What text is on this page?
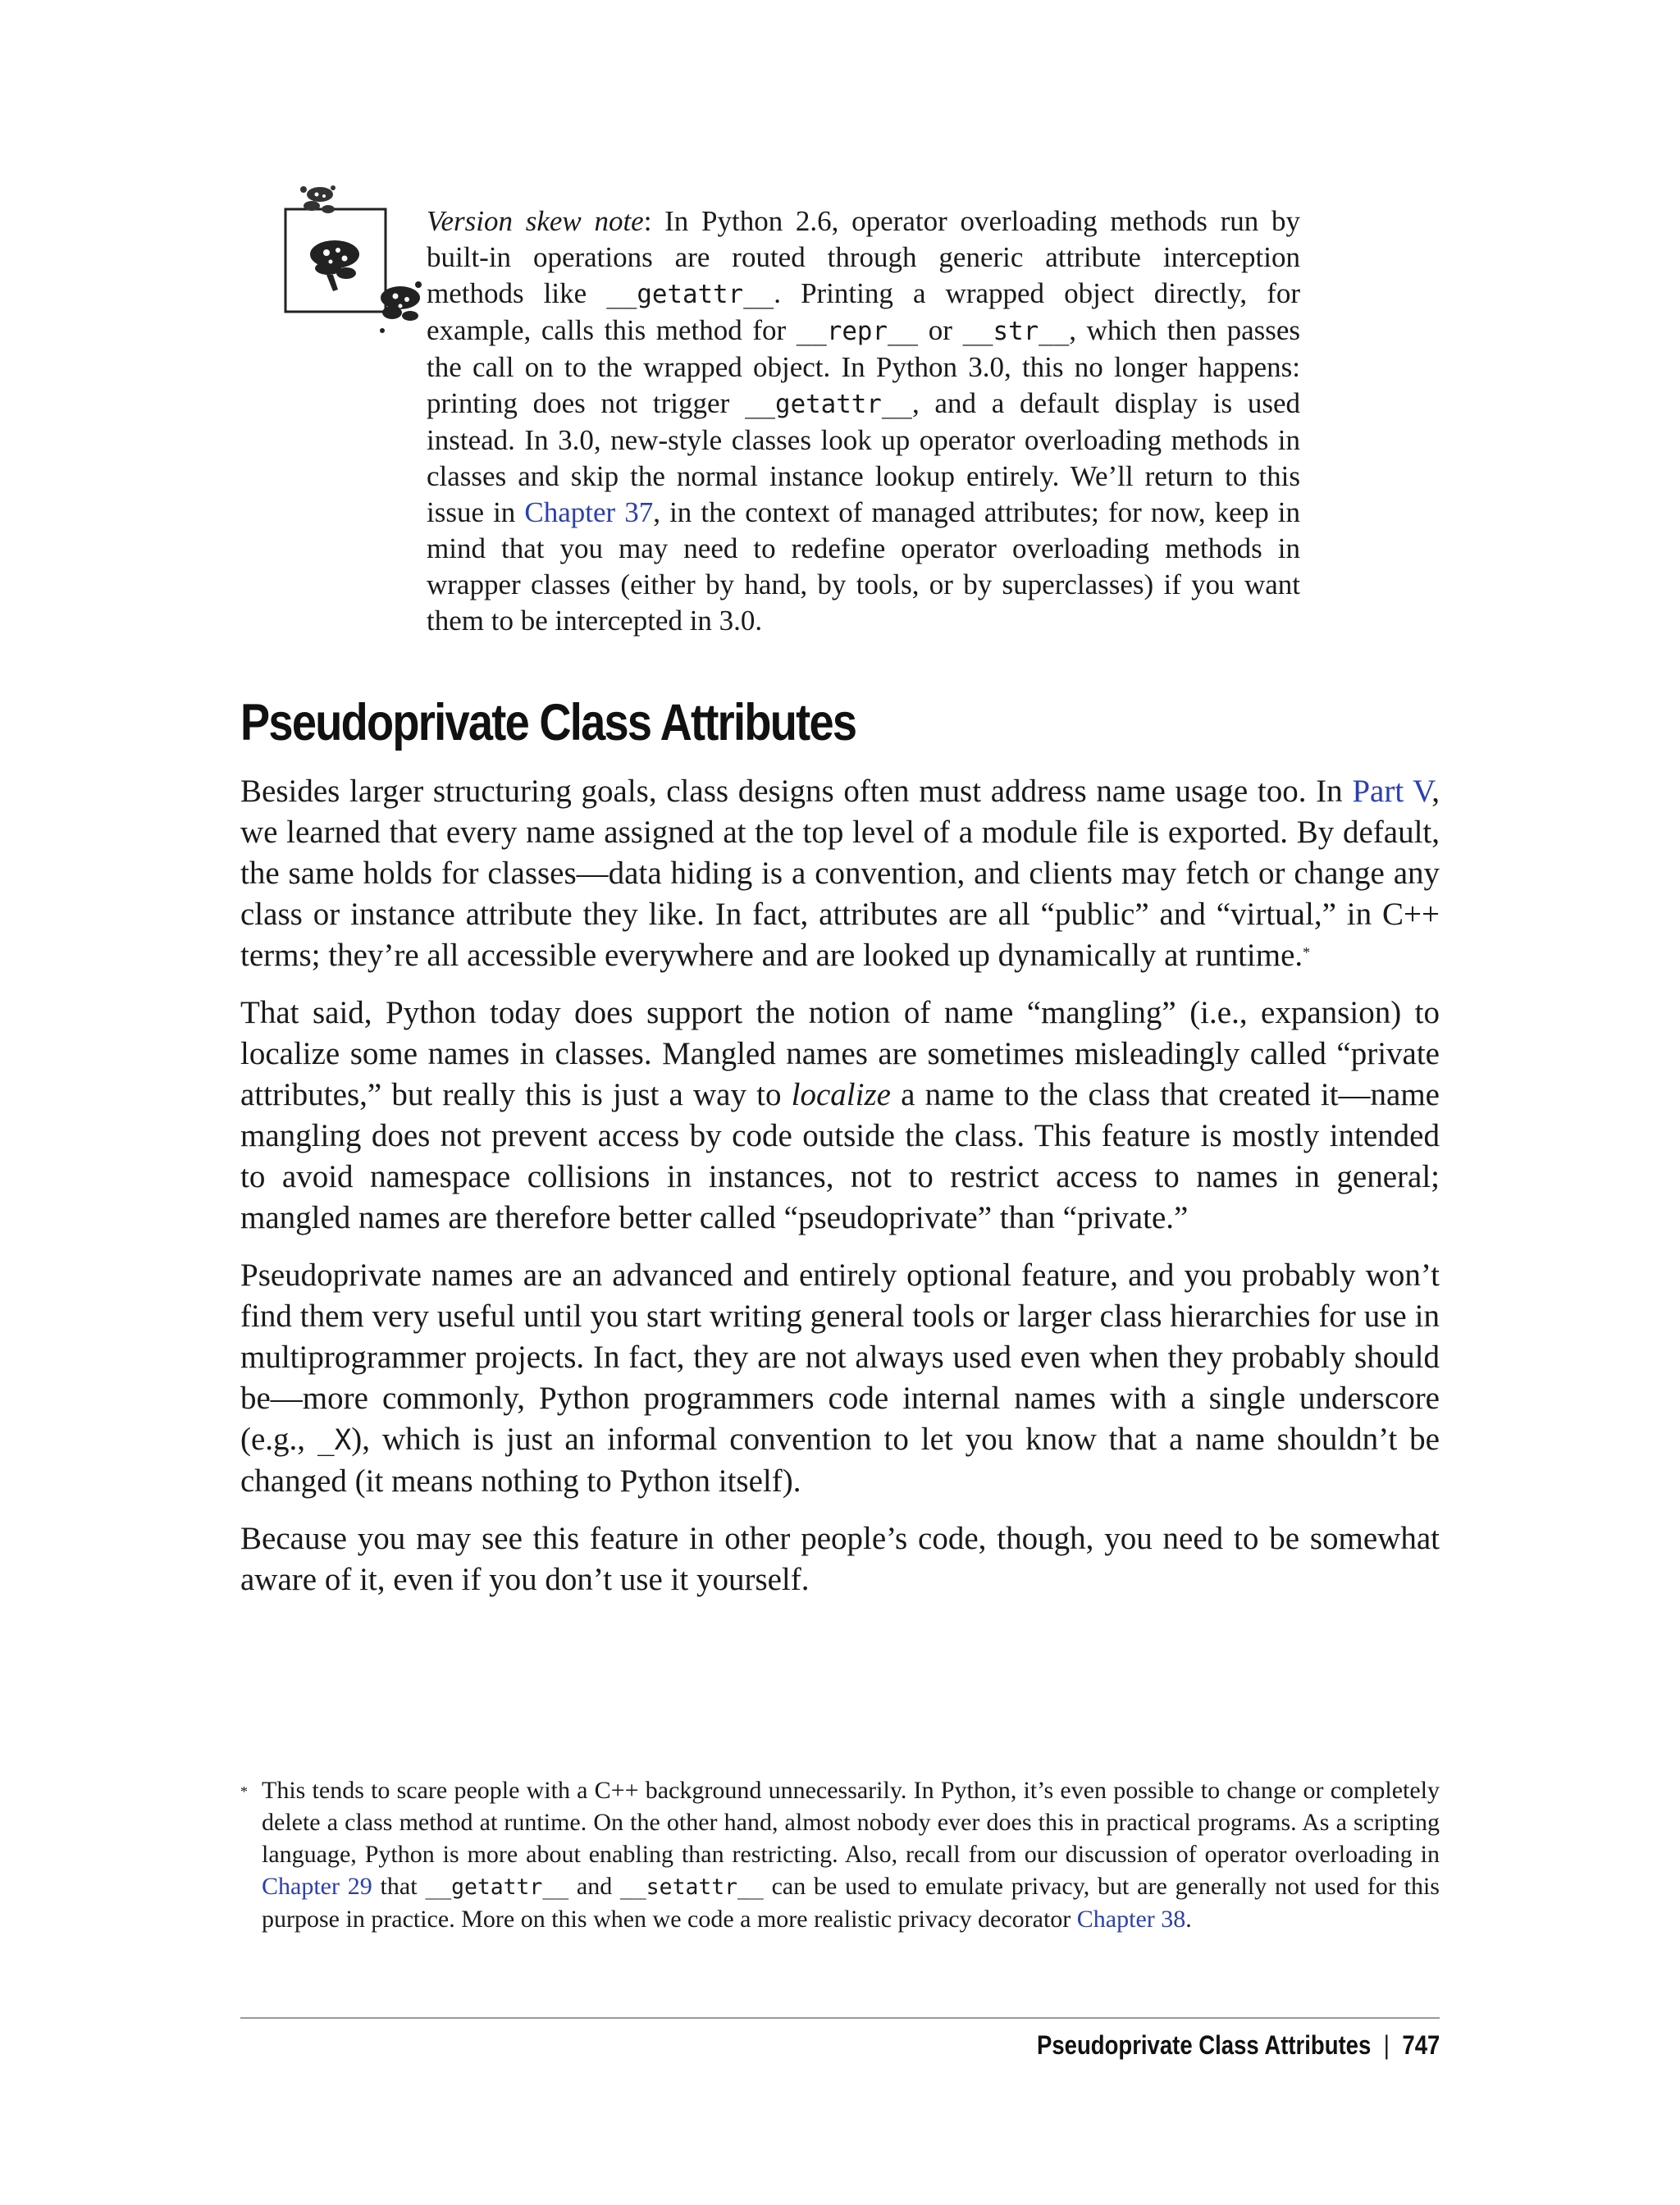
Version skew note: In Python 2.6, operator overloading methods run by built-in operations are routed through generic attribute interception methods like __getattr__. Printing a wrapped object directly, for example, calls this method for __repr__ or __str__, which then passes the call on to the wrapped object. In Python 3.0, this no longer happens: printing does not trigger __getattr__, and a default display is used instead. In 3.0, new-style classes look up operator overloading methods in classes and skip the normal instance lookup entirely. We’ll return to this issue in Chapter 37, in the context of managed attributes; for now, keep in mind that you may need to redefine operator overloading methods in wrapper classes (either by hand, by tools, or by superclasses) if you want them to be intercepted in 3.0.

Pseudoprivate Class Attributes

Besides larger structuring goals, class designs often must address name usage too. In Part V, we learned that every name assigned at the top level of a module file is exported. By default, the same holds for classes—data hiding is a convention, and clients may fetch or change any class or instance attribute they like. In fact, attributes are all “public” and “virtual,” in C++ terms; they’re all accessible everywhere and are looked up dynamically at runtime.*

That said, Python today does support the notion of name “mangling” (i.e., expansion) to localize some names in classes. Mangled names are sometimes misleadingly called “private attributes,” but really this is just a way to localize a name to the class that created it—name mangling does not prevent access by code outside the class. This feature is mostly intended to avoid namespace collisions in instances, not to restrict access to names in general; mangled names are therefore better called “pseudoprivate” than “private.”

Pseudoprivate names are an advanced and entirely optional feature, and you probably won’t find them very useful until you start writing general tools or larger class hierarchies for use in multiprogrammer projects. In fact, they are not always used even when they probably should be—more commonly, Python programmers code internal names with a single underscore (e.g., _X), which is just an informal convention to let you know that a name shouldn’t be changed (it means nothing to Python itself).

Because you may see this feature in other people’s code, though, you need to be somewhat aware of it, even if you don’t use it yourself.

* This tends to scare people with a C++ background unnecessarily. In Python, it’s even possible to change or completely delete a class method at runtime. On the other hand, almost nobody ever does this in practical programs. As a scripting language, Python is more about enabling than restricting. Also, recall from our discussion of operator overloading in Chapter 29 that __getattr__ and __setattr__ can be used to emulate privacy, but are generally not used for this purpose in practice. More on this when we code a more realistic privacy decorator Chapter 38.

Pseudoprivate Class Attributes | 747
